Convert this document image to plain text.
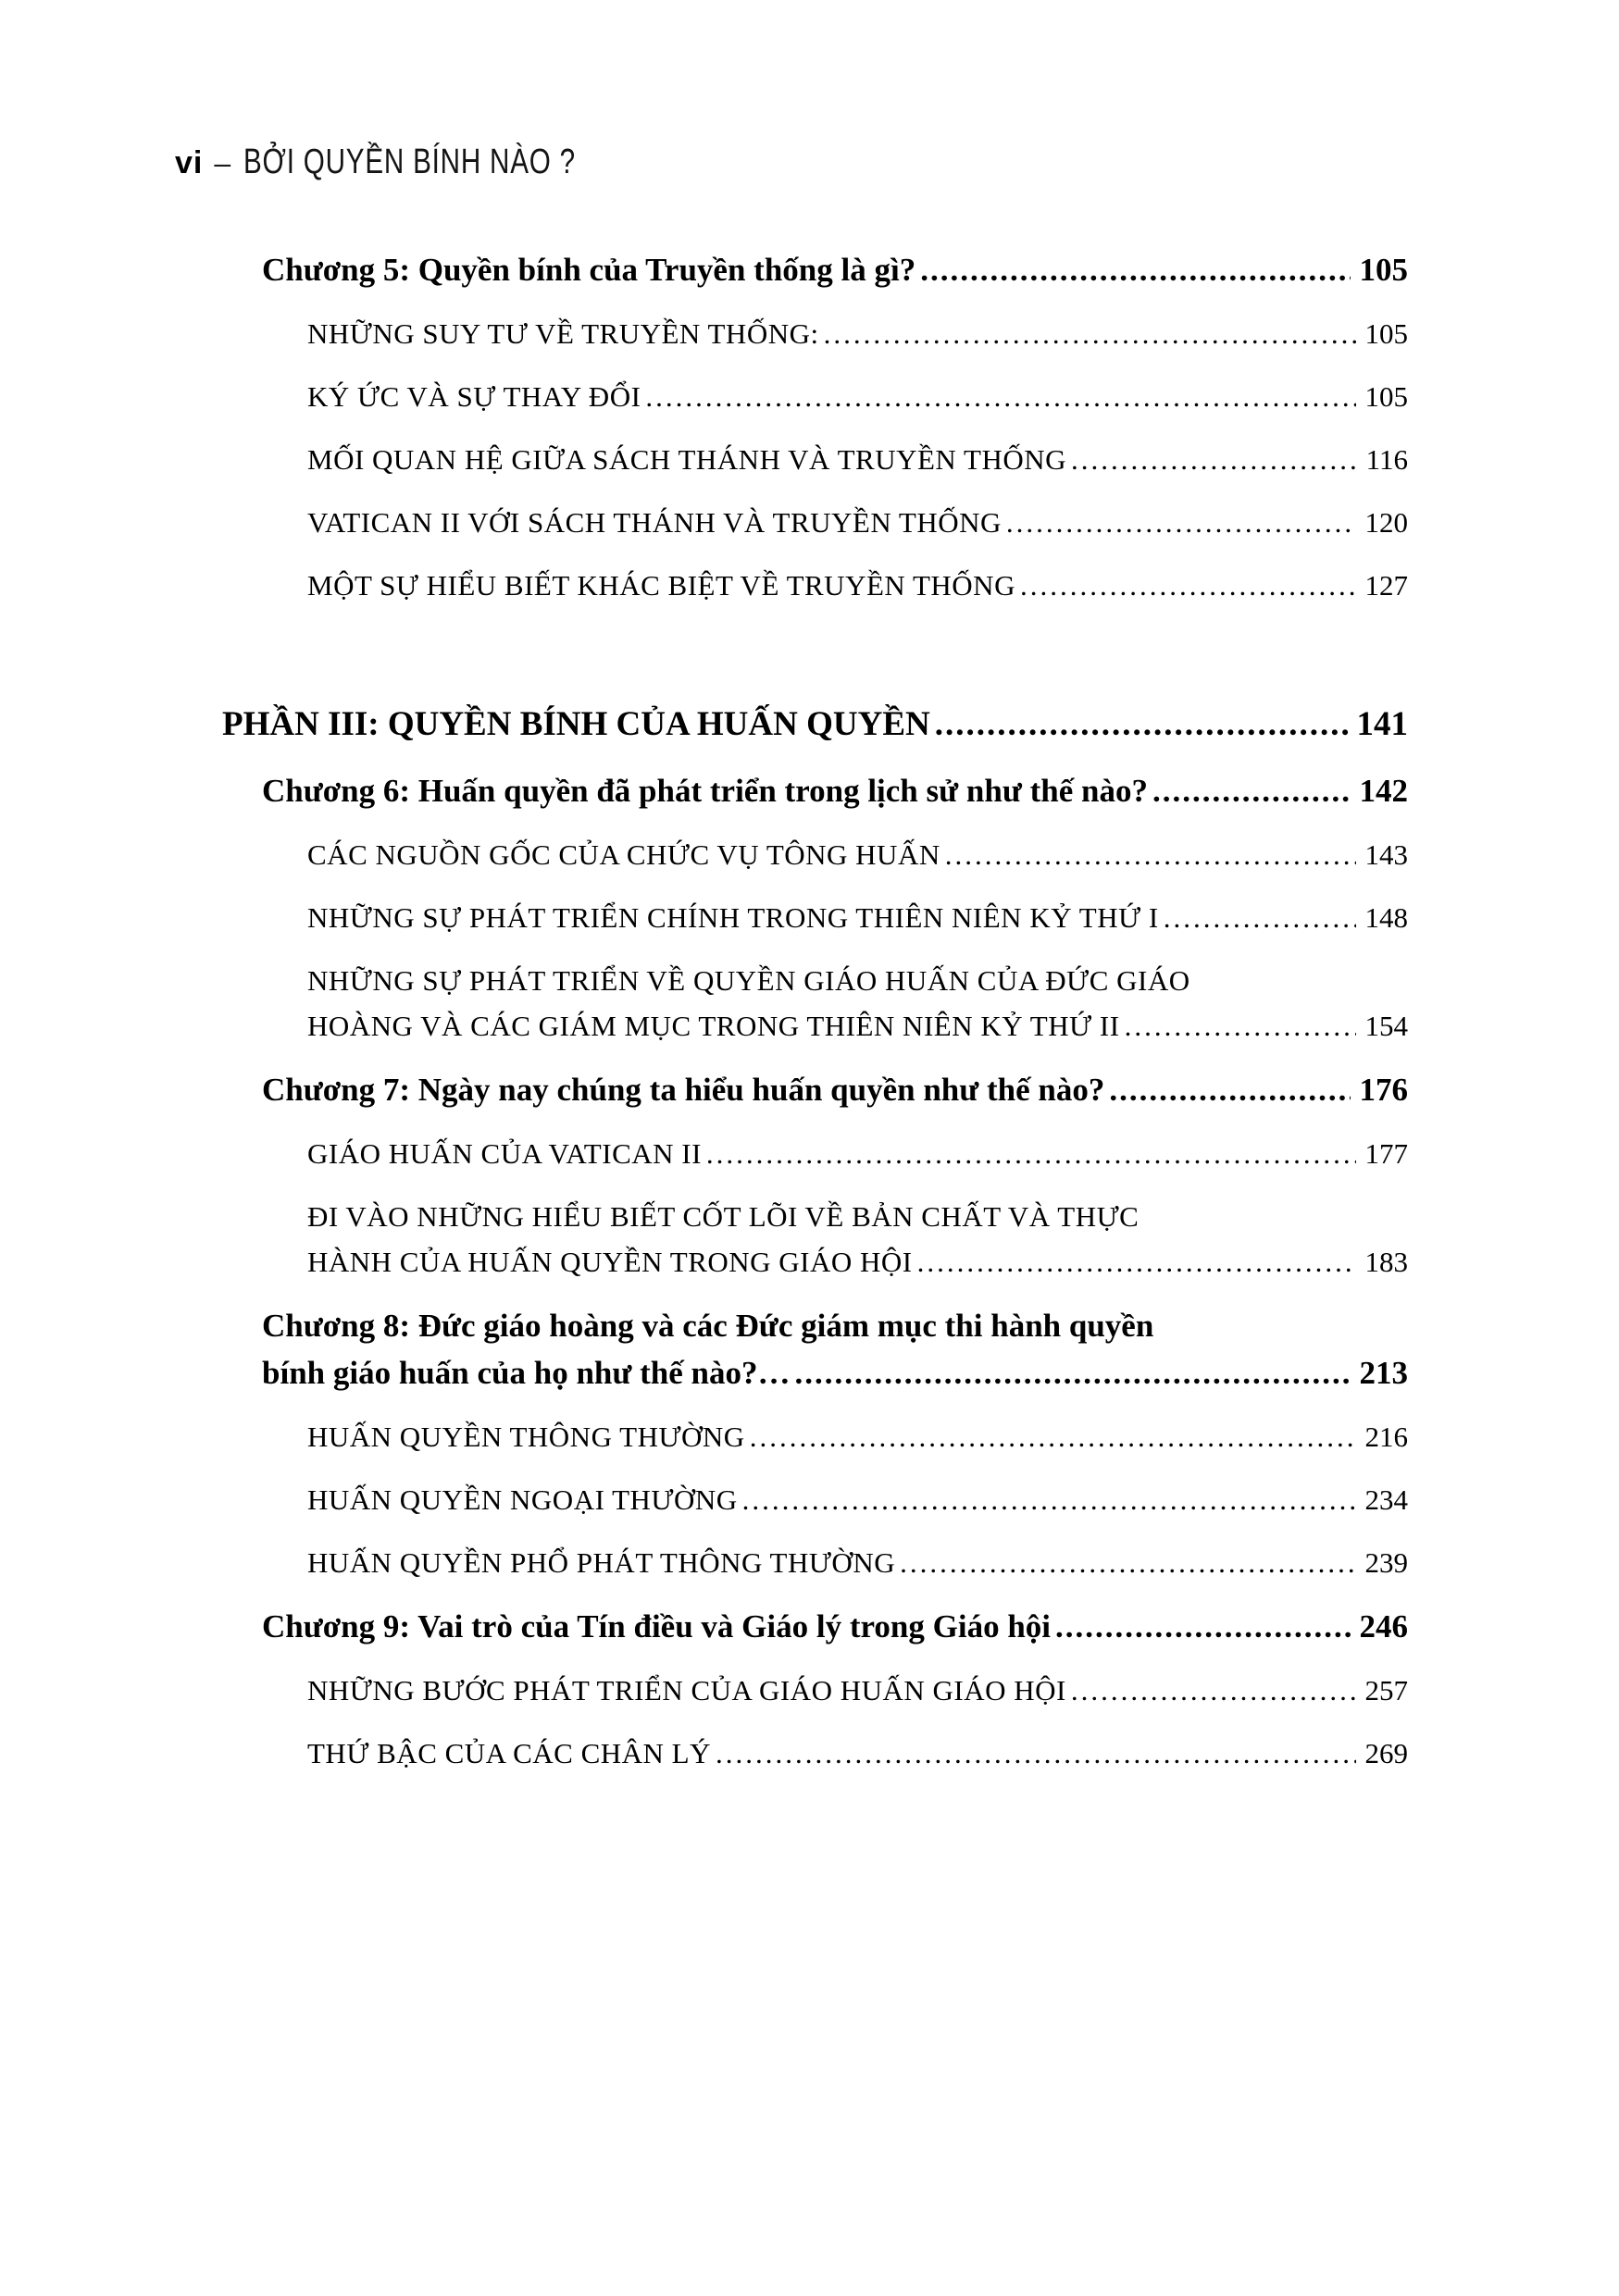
vi – BỞI QUYỀN BÍNH NÀO ?
Chương 5: Quyền bính của Truyền thống là gì? .....	105
NHỮNG SUY TƯ VỀ TRUYỀN THỐNG: .....	105
KÝ ỨC VÀ SỰ THAY ĐỔI .....	105
MỐI QUAN HỆ GIỮA SÁCH THÁNH VÀ TRUYỀN THỐNG .....	116
VATICAN II VỚI SÁCH THÁNH VÀ TRUYỀN THỐNG .....	120
MỘT SỰ HIỂU BIẾT KHÁC BIỆT VỀ TRUYỀN THỐNG .....	127
PHẦN III: QUYỀN BÍNH CỦA HUẤN QUYỀN .....	141
Chương 6: Huấn quyền đã phát triển trong lịch sử như thế nào? .....	142
CÁC NGUỒN GỐC CỦA CHỨC VỤ TÔNG HUẤN .....	143
NHỮNG SỰ PHÁT TRIỂN CHÍNH TRONG THIÊN NIÊN KỶ THỨ I .....	148
NHỮNG SỰ PHÁT TRIỂN VỀ QUYỀN GIÁO HUẤN CỦA ĐỨC GIÁO
HOÀNG VÀ CÁC GIÁM MỤC TRONG THIÊN NIÊN KỶ THỨ II .....	154
Chương 7: Ngày nay chúng ta hiểu huấn quyền như thế nào? .....	176
GIÁO HUẤN CỦA VATICAN II .....	177
ĐI VÀO NHỮNG HIỂU BIẾT CỐT LÕI VỀ BẢN CHẤT VÀ THỰC
HÀNH CỦA HUẤN QUYỀN TRONG GIÁO HỘI .....	183
Chương 8: Đức giáo hoàng và các Đức giám mục thi hành quyền
bính giáo huấn của họ như thế nào?… .....	213
HUẤN QUYỀN THÔNG THƯỜNG .....	216
HUẤN QUYỀN NGOẠI THƯỜNG .....	234
HUẤN QUYỀN PHỔ PHÁT THÔNG THƯỜNG .....	239
Chương 9: Vai trò của Tín điều và Giáo lý trong Giáo hội .....	246
NHỮNG BƯỚC PHÁT TRIỂN CỦA GIÁO HUẤN GIÁO HỘI .....	257
THỨ BẬC CỦA CÁC CHÂN LÝ .....	269
